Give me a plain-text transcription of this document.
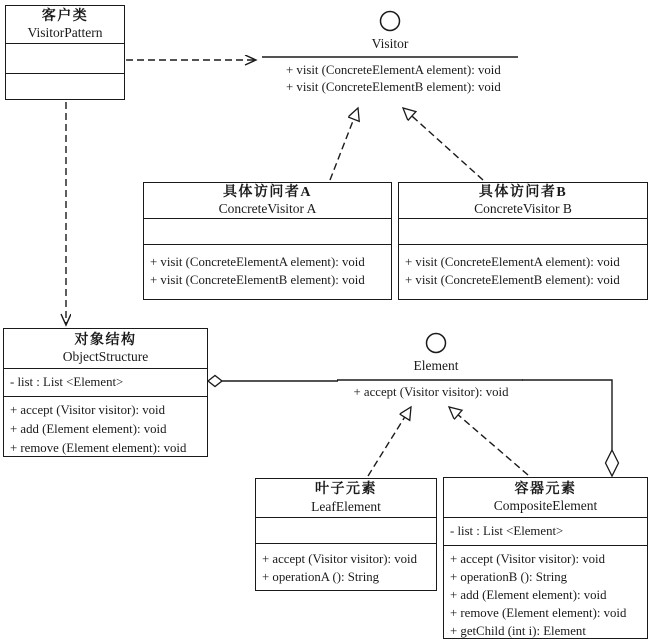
客户类
VisitorPattern
Visitor
+ visit (ConcreteElementA element): void
+ visit (ConcreteElementB element): void
具体访问者A
ConcreteVisitor A
+ visit (ConcreteElementA element): void
+ visit (ConcreteElementB element): void
具体访问者B
ConcreteVisitor B
+ visit (ConcreteElementA element): void
+ visit (ConcreteElementB element): void
对象结构
ObjectStructure
- list : List <Element>
+ accept (Visitor visitor): void
+ add (Element element): void
+ remove (Element element): void
Element
+ accept (Visitor visitor): void
叶子元素
LeafElement
+ accept (Visitor visitor): void
+ operationA (): String
容器元素
CompositeElement
- list : List <Element>
+ accept (Visitor visitor): void
+ operationB (): String
+ add (Element element): void
+ remove (Element element): void
+ getChild (int i): Element
